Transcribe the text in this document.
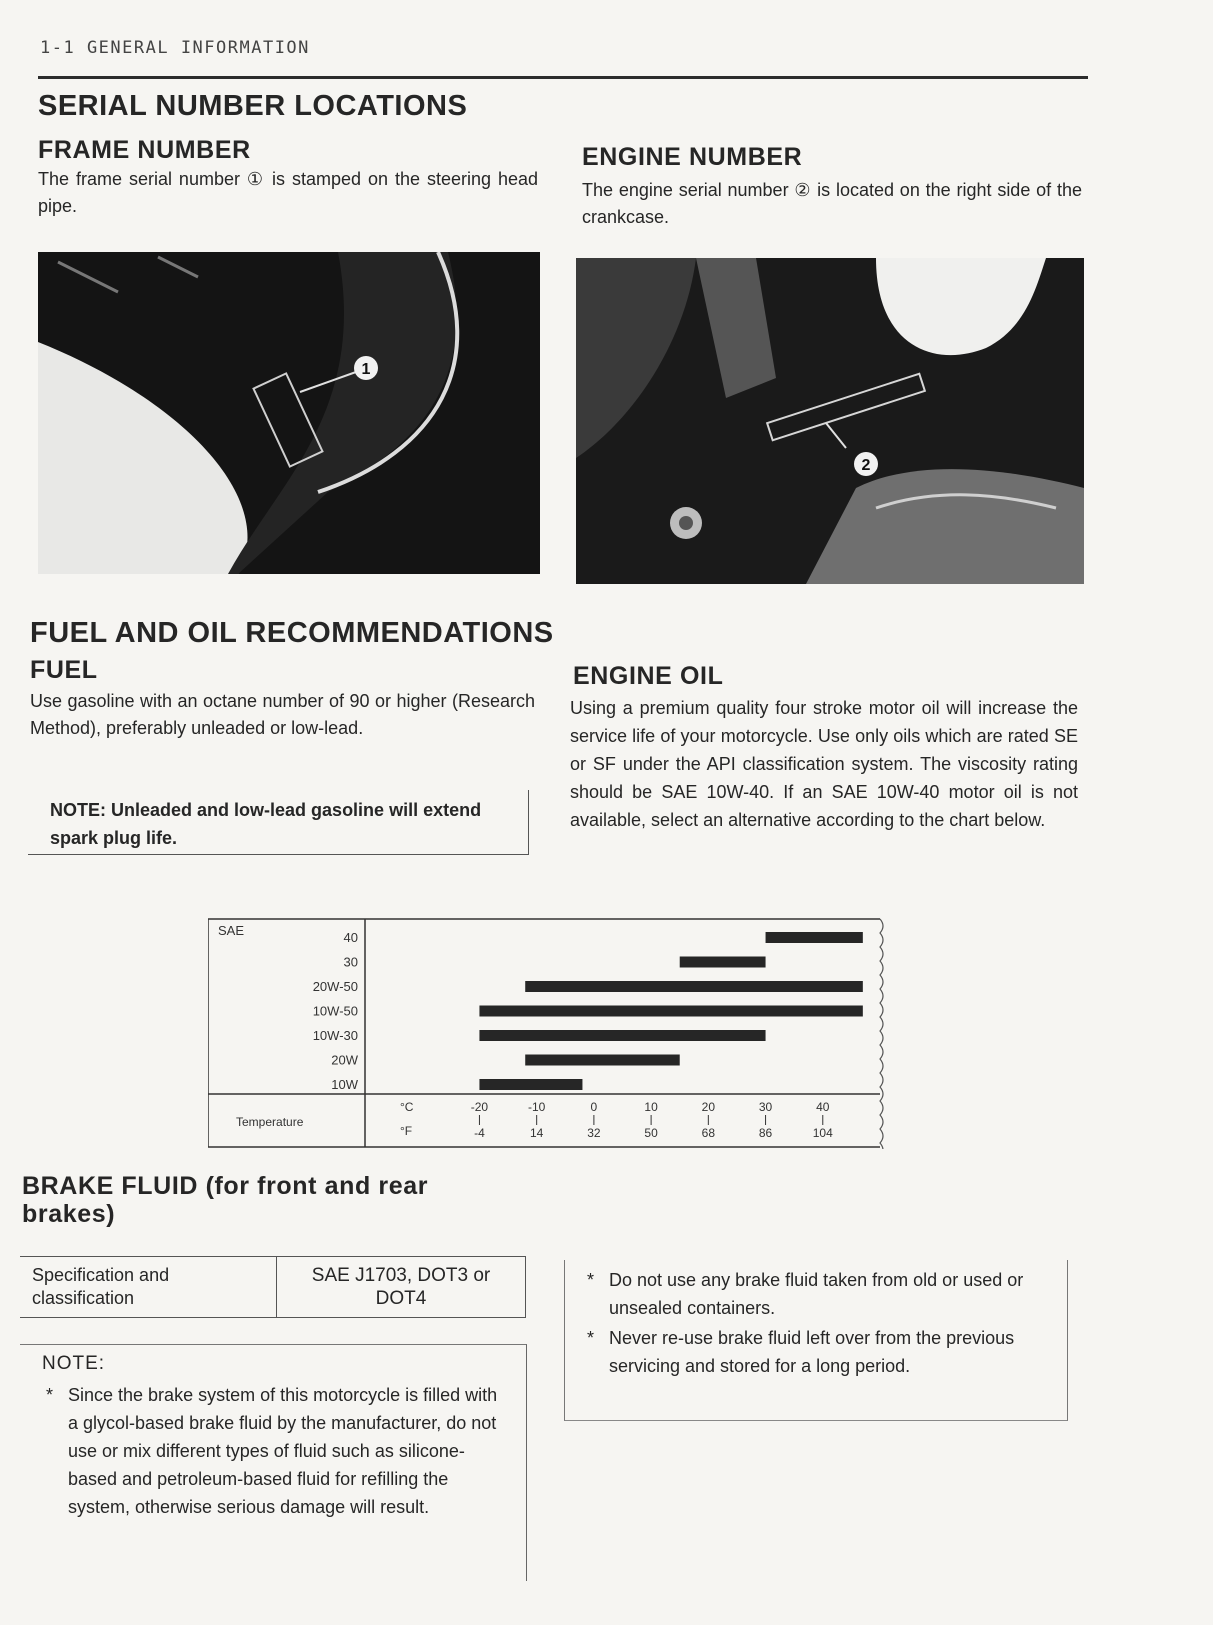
1-1 GENERAL INFORMATION
SERIAL NUMBER LOCATIONS
FRAME NUMBER
The frame serial number ① is stamped on the steering head pipe.
ENGINE NUMBER
The engine serial number ② is located on the right side of the crankcase.
1
2
FUEL AND OIL RECOMMENDATIONS
FUEL
Use gasoline with an octane number of 90 or higher (Research Method), preferably unleaded or low-lead.
NOTE: Unleaded and low-lead gasoline will extend spark plug life.
ENGINE OIL
Using a premium quality four stroke motor oil will increase the service life of your motorcycle. Use only oils which are rated SE or SF under the API classification system. The viscosity rating should be SAE 10W-40. If an SAE 10W-40 motor oil is not available, select an alternative according to the chart below.
SAE	40
30
20W-50
10W-50
10W-30
20W
10W
Temperature
°C
°F
-20
-4
-10
14
0
32
10
50
20
68
30
86
40
104
BRAKE FLUID (for front and rear brakes)
Specification and classification	SAE J1703, DOT3 or DOT4
NOTE:
* Since the brake system of this motorcycle is filled with a glycol-based brake fluid by the manufacturer, do not use or mix different types of fluid such as silicone-based and petroleum-based fluid for refilling the system, otherwise serious damage will result.
* Do not use any brake fluid taken from old or used or unsealed containers.
* Never re-use brake fluid left over from the previous servicing and stored for a long period.
